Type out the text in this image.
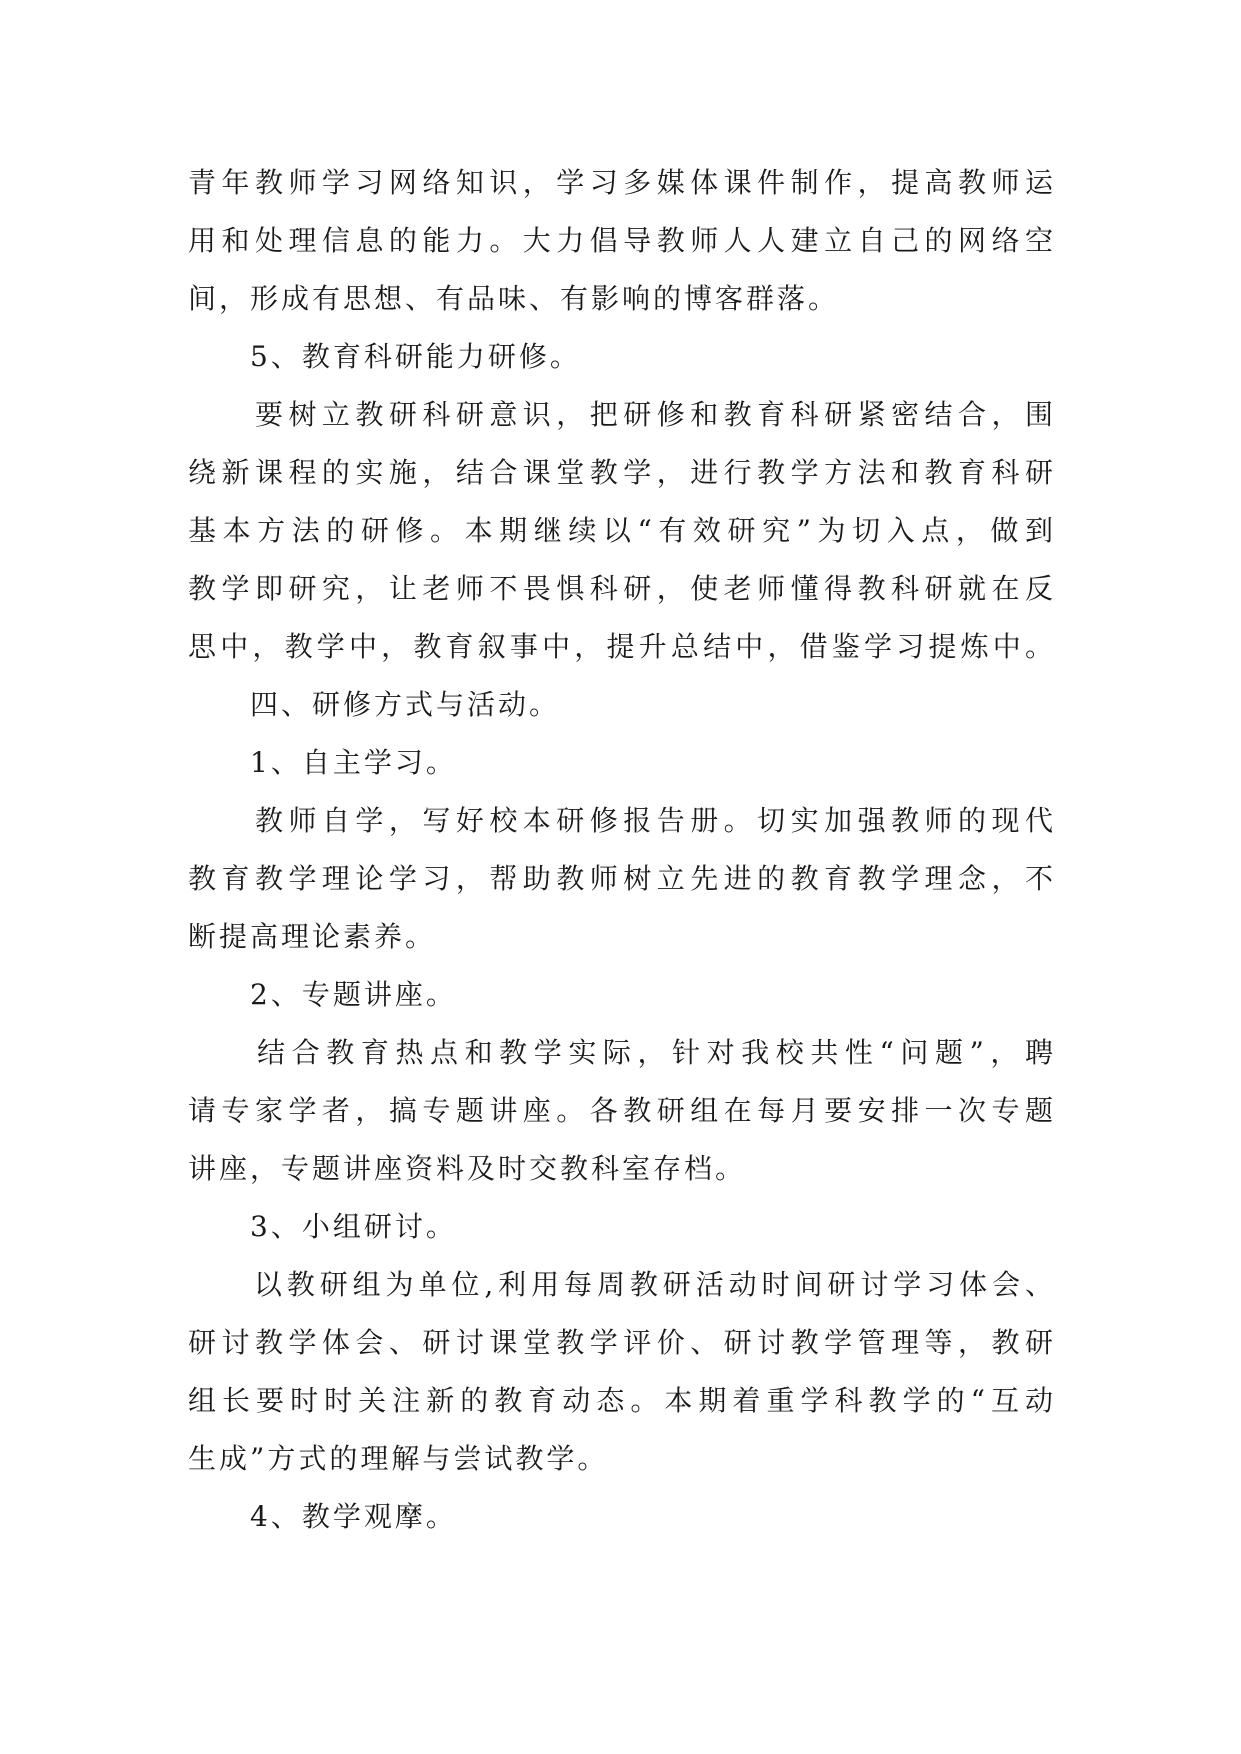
青年教师学习网络知识，学习多媒体课件制作，提高教师运
用和处理信息的能力。大力倡导教师人人建立自己的网络空
间，形成有思想、有品味、有影响的博客群落。
　　5、教育科研能力研修。
　　要树立教研科研意识，把研修和教育科研紧密结合，围
绕新课程的实施，结合课堂教学，进行教学方法和教育科研
基本方法的研修。本期继续以“有效研究”为切入点，做到
教学即研究，让老师不畏惧科研，使老师懂得教科研就在反
思中，教学中，教育叙事中，提升总结中，借鉴学习提炼中。
　　四、研修方式与活动。
　　1、自主学习。
　　教师自学，写好校本研修报告册。切实加强教师的现代
教育教学理论学习，帮助教师树立先进的教育教学理念，不
断提高理论素养。
　　2、专题讲座。
　　结合教育热点和教学实际，针对我校共性“问题”，聘
请专家学者，搞专题讲座。各教研组在每月要安排一次专题
讲座，专题讲座资料及时交教科室存档。
　　3、小组研讨。
　　以教研组为单位,利用每周教研活动时间研讨学习体会、
研讨教学体会、研讨课堂教学评价、研讨教学管理等，教研
组长要时时关注新的教育动态。本期着重学科教学的“互动
生成”方式的理解与尝试教学。
　　4、教学观摩。
